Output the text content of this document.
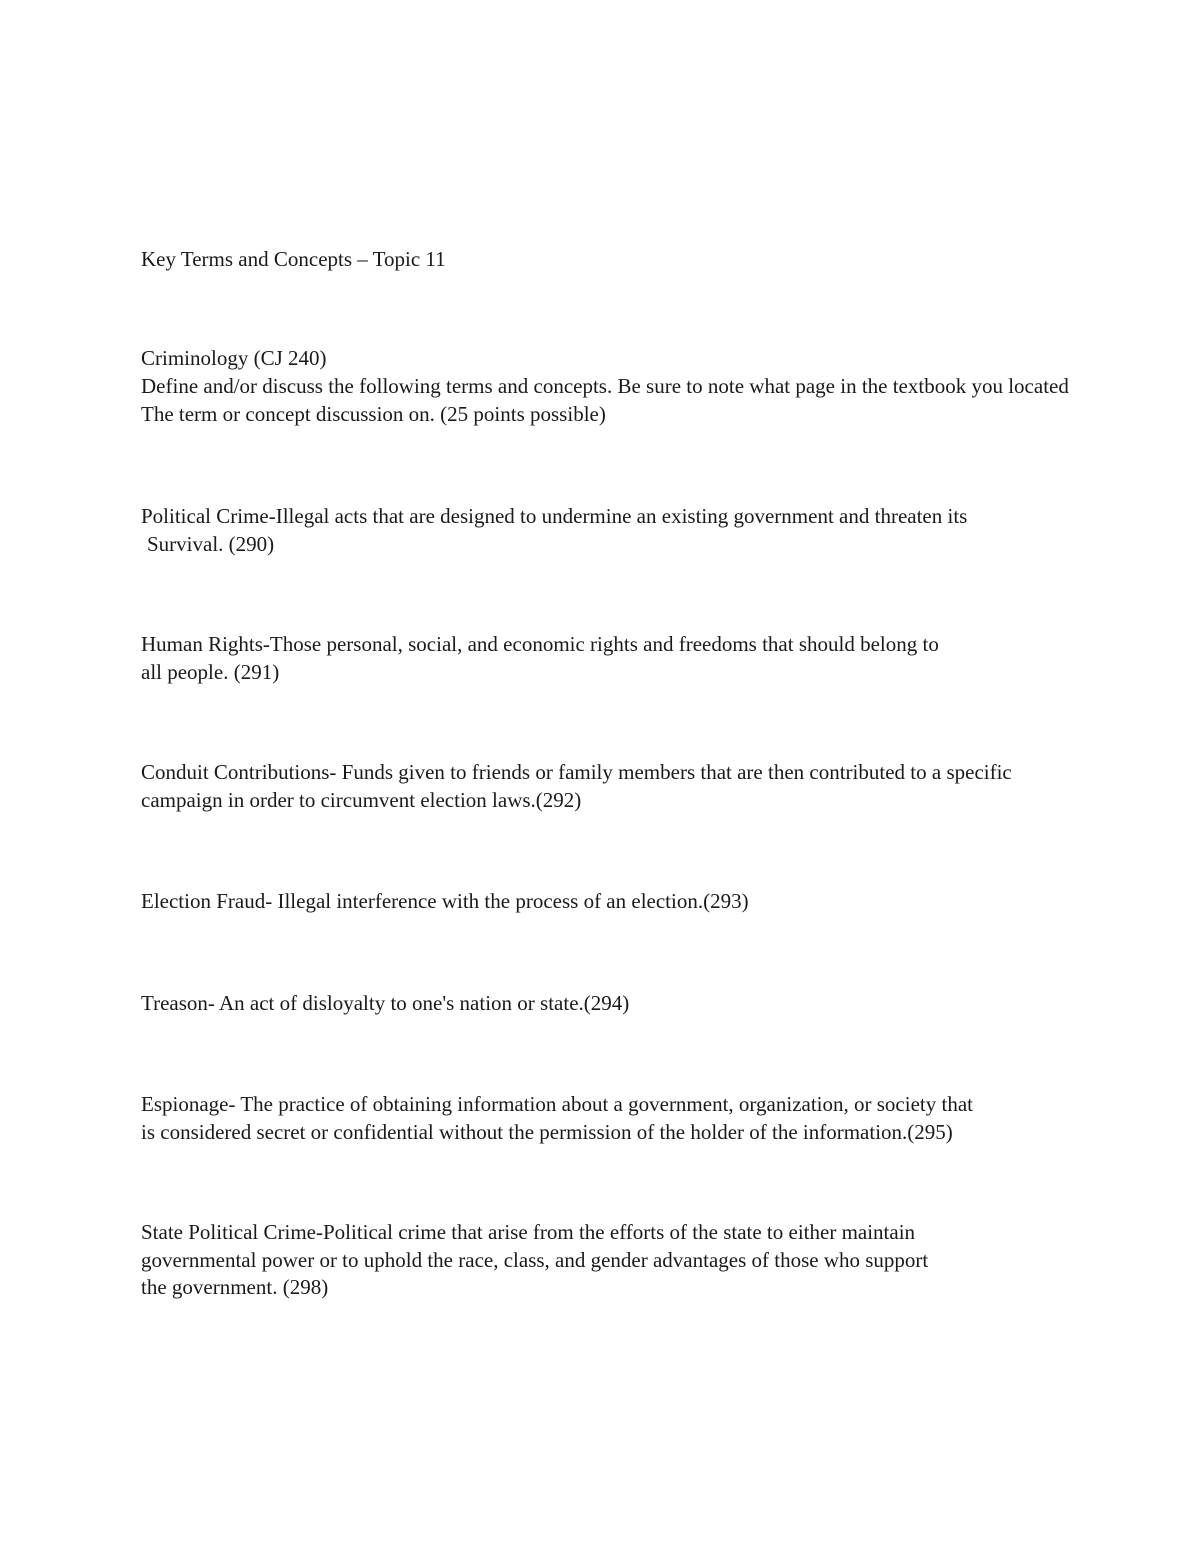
Key Terms and Concepts – Topic 11
Criminology (CJ 240)
Define and/or discuss the following terms and concepts. Be sure to note what page in the textbook you located
The term or concept discussion on. (25 points possible)
Political Crime-Illegal acts that are designed to undermine an existing government and threaten its
Survival. (290)
Human Rights-Those personal, social, and economic rights and freedoms that should belong to
all people. (291)
Conduit Contributions- Funds given to friends or family members that are then contributed to a specific
campaign in order to circumvent election laws.(292)
Election Fraud- Illegal interference with the process of an election.(293)
Treason- An act of disloyalty to one's nation or state.(294)
Espionage- The practice of obtaining information about a government, organization, or society that
is considered secret or confidential without the permission of the holder of the information.(295)
State Political Crime-Political crime that arise from the efforts of the state to either maintain
governmental power or to uphold the race, class, and gender advantages of those who support
the government. (298)
